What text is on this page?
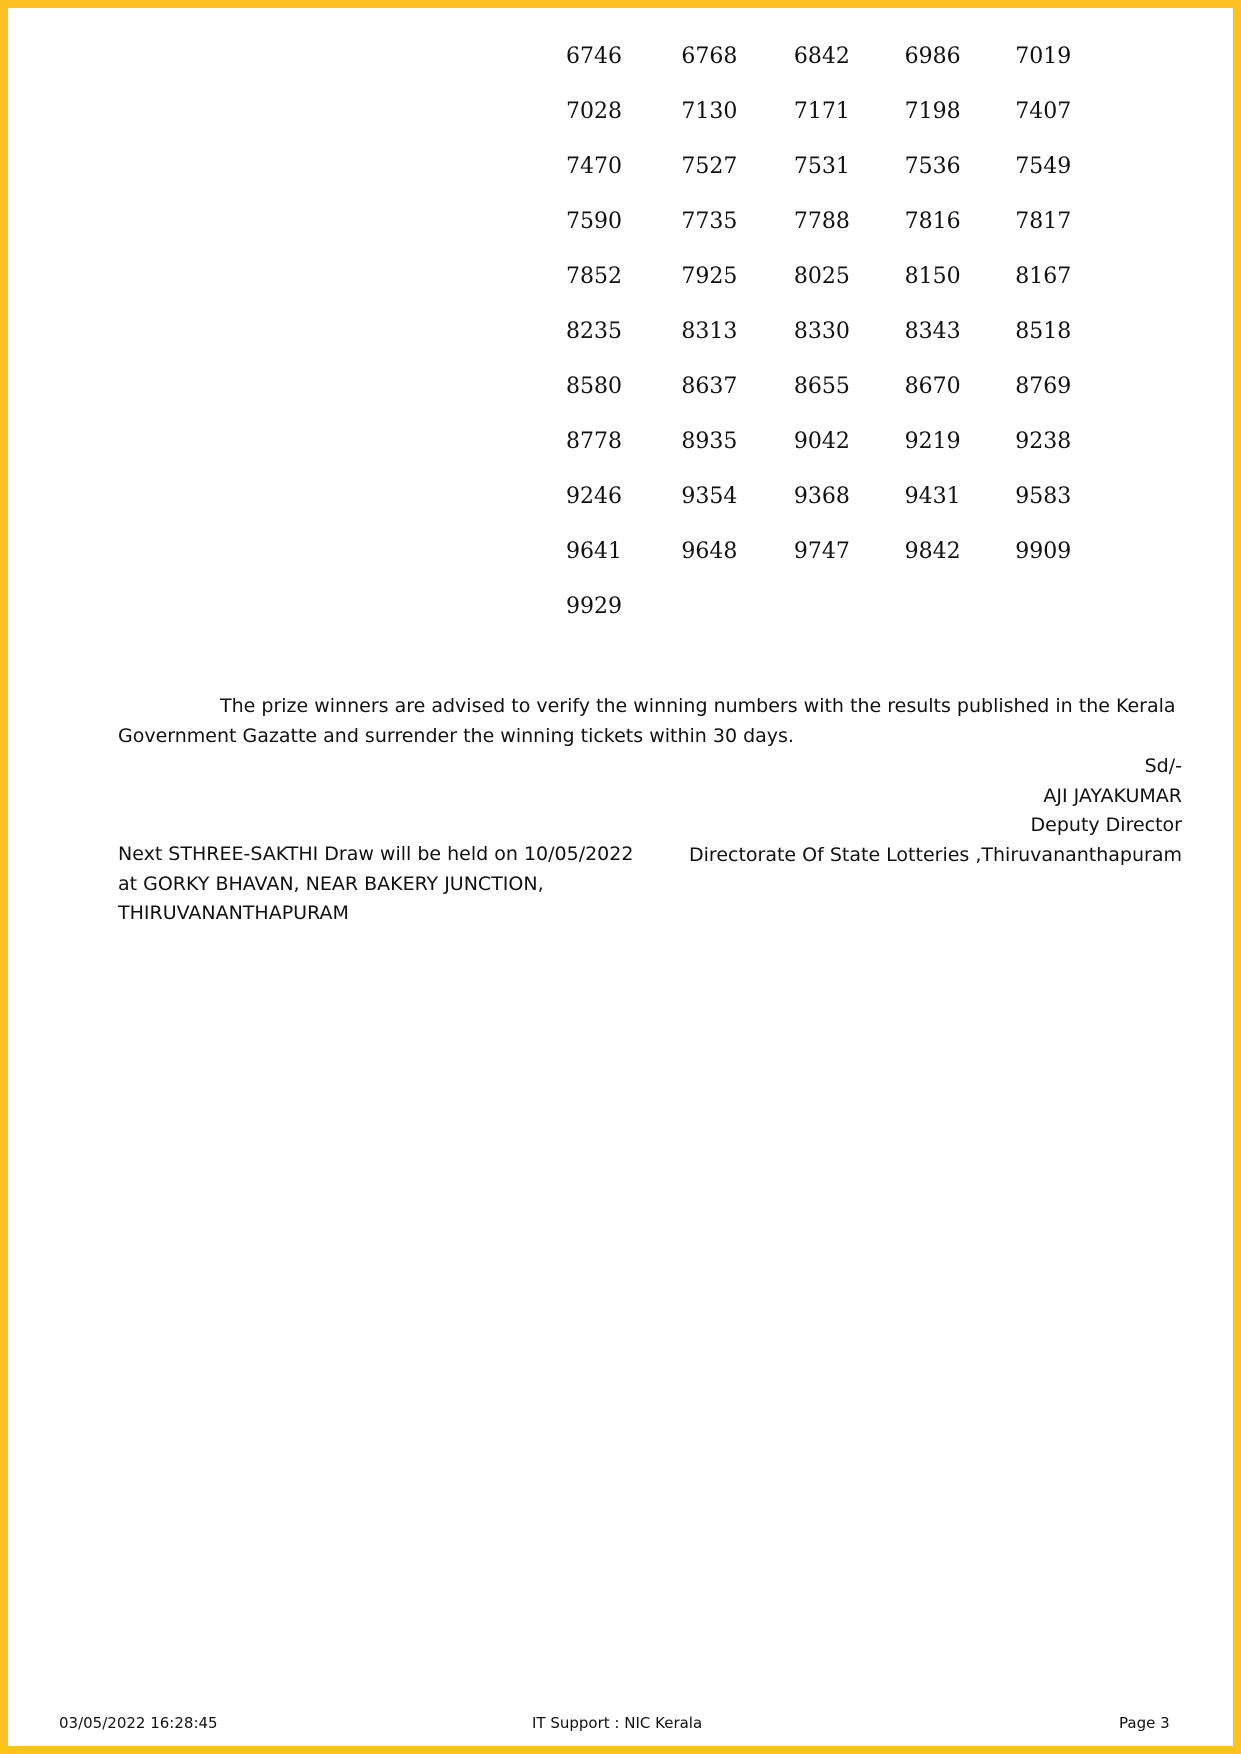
6746	6768	6842	6986	7019
7028	7130	7171	7198	7407
7470	7527	7531	7536	7549
7590	7735	7788	7816	7817
7852	7925	8025	8150	8167
8235	8313	8330	8343	8518
8580	8637	8655	8670	8769
8778	8935	9042	9219	9238
9246	9354	9368	9431	9583
9641	9648	9747	9842	9909
9929
The prize winners are advised to verify the winning numbers with the results published in the Kerala
Government Gazatte and surrender the winning tickets within 30 days.
Sd/-
AJI JAYAKUMAR
Deputy Director
Directorate Of State Lotteries ,Thiruvananthapuram
Next STHREE-SAKTHI Draw will be held on 10/05/2022
at GORKY BHAVAN, NEAR BAKERY JUNCTION,
THIRUVANANTHAPURAM
03/05/2022 16:28:45	IT Support : NIC Kerala	Page 3
